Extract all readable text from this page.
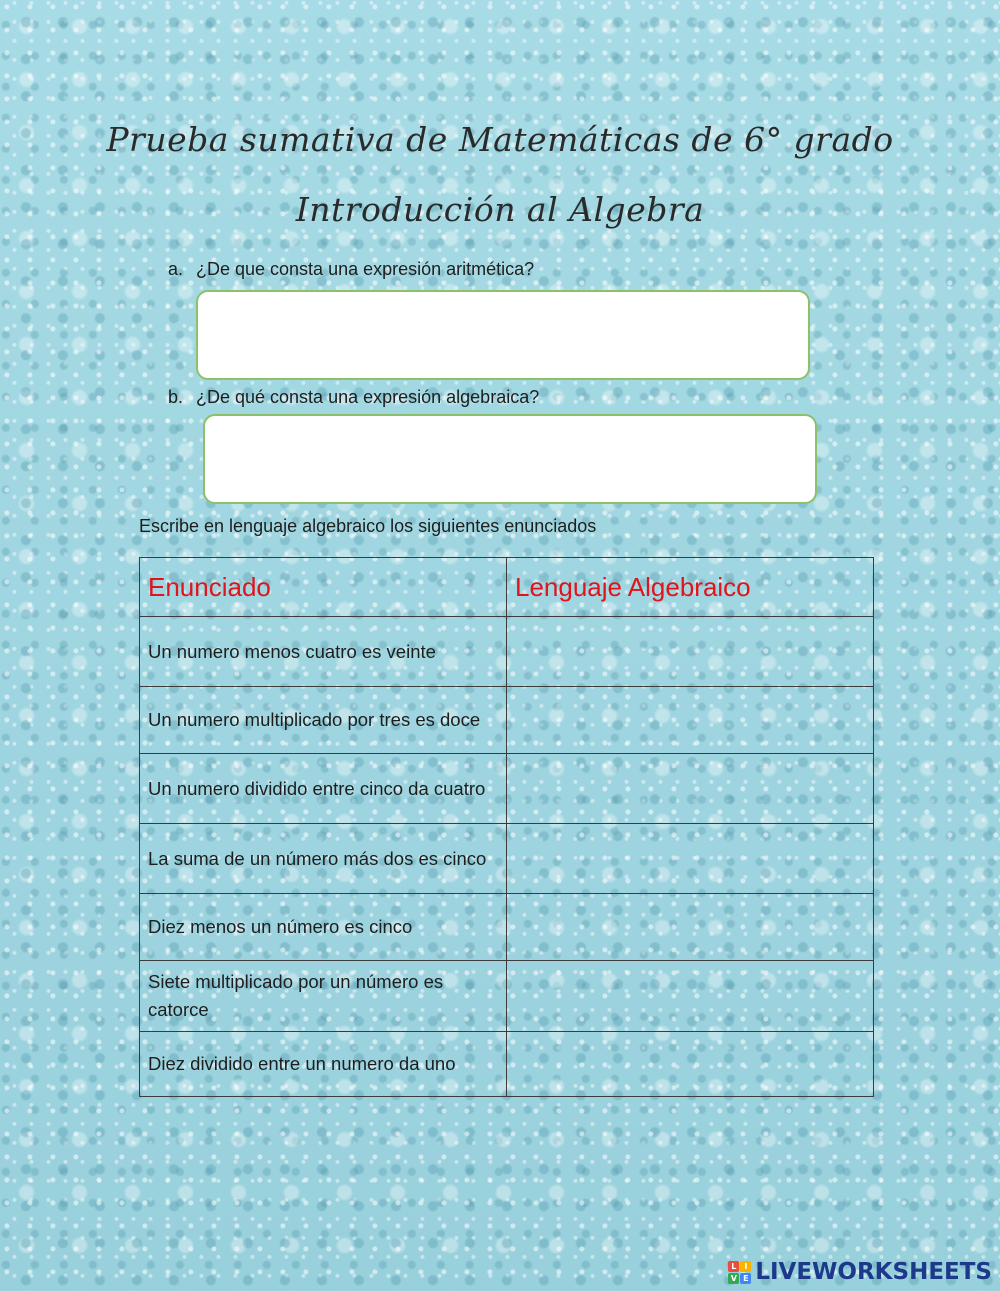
Prueba sumativa de Matemáticas de 6° grado
Introducción al Algebra
a. ¿De que consta una expresión aritmética?
b. ¿De qué consta una expresión algebraica?
Escribe en lenguaje algebraico los siguientes enunciados
Enunciado	Lenguaje Algebraico
Un numero menos cuatro es veinte	
Un numero multiplicado por tres es doce	
Un numero dividido entre cinco da cuatro	
La suma de un número más dos es cinco	
Diez menos un número es cinco	
Siete multiplicado por un número es catorce	
Diez dividido entre un numero da uno	
L I
V E LIVEWORKSHEETS
